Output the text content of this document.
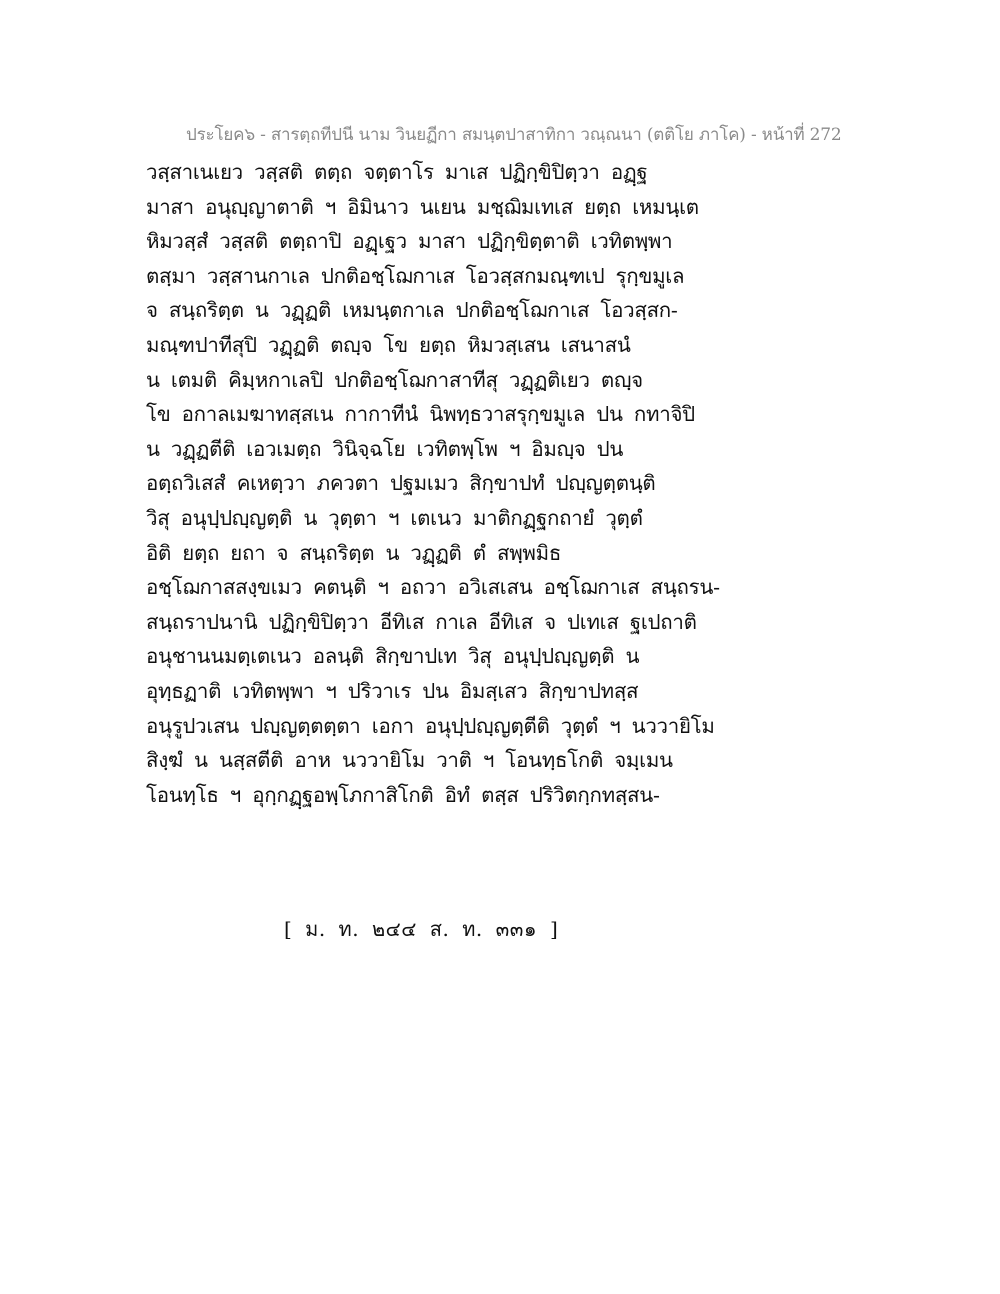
ประโยค๖ - สารตฺถทีปนี นาม วินยฏีกา สมนฺตปาสาทิกา วณฺณนา (ตติโย ภาโค) - หน้าที่ 272
วสฺสาเนเยว วสฺสติ ตตฺถ จตฺตาโร มาเส ปฏิกฺขิปิตฺวา อฏฺฐ
มาสา อนุญฺญาตาติ ฯ อิมินาว นเยน มชฺฌิมเทเส ยตฺถ เหมนฺเต
หิมวสฺสํ วสฺสติ ตตฺถาปิ อฏฺเฐว มาสา ปฏิกฺขิตฺตาติ เวทิตพฺพา
ตสฺมา วสฺสานกาเล ปกติอชฺโฌกาเส โอวสฺสกมณฺฑเป รุกฺขมูเล
จ สนฺถริตฺต น วฏฺฏติ เหมนฺตกาเล ปกติอชฺโฌกาเส โอวสฺสก-
มณฺฑปาทีสุปิ วฏฺฏติ ตญฺจ โข ยตฺถ หิมวสฺเสน เสนาสนํ
น เตมติ คิมฺหกาเลปิ ปกติอชฺโฌกาสาทีสุ วฏฺฏติเยว ตญฺจ
โข อกาลเมฆาทสฺสเน กากาทีนํ นิพทฺธวาสรุกฺขมูเล ปน กทาจิปิ
น วฏฺฏตีติ เอวเมตฺถ วินิจฺฉโย เวทิตพฺโพ ฯ อิมญฺจ ปน
อตฺถวิเสสํ คเหตฺวา ภควตา ปฐมเมว สิกฺขาปทํ ปญฺญตฺตนฺติ
วิสุ อนุปฺปญฺญตฺติ น วุตฺตา ฯ เตเนว มาติกฏฺฐกถายํ วุตฺตํ
อิติ ยตฺถ ยถา จ สนฺถริตฺต น วฏฺฏติ ตํ สพฺพมิธ
อชฺโฌกาสสงฺขเมว คตนฺติ ฯ อถวา อวิเสเสน อชฺโฌกาเส สนฺถรน-
สนฺถราปนานิ ปฏิกฺขิปิตฺวา อีทิเส กาเล อีทิเส จ ปเทเส ฐเปถาติ
อนุชานนมตฺเตเนว อลนฺติ สิกฺขาปเท วิสุ อนุปฺปญฺญตฺติ น
อุทฺธฏาติ เวทิตพฺพา ฯ ปริวาเร ปน อิมสฺเสว สิกฺขาปทสฺส
อนุรูปวเสน ปญฺญตฺตตฺตา เอกา อนุปฺปญฺญตฺตีติ วุตฺตํ ฯ นววายิโม
สิงฺฆํ น นสฺสตีติ อาห นววายิโม วาติ ฯ โอนทฺธโกติ จมฺเมน
โอนทฺโธ ฯ อุกฺกฏฺฐอพฺโภกาสิโกติ อิทํ ตสฺส ปริวิตกฺกทสฺสน-
[ ม. ท. ๒๔๔ ส. ท. ๓๓๑ ]
